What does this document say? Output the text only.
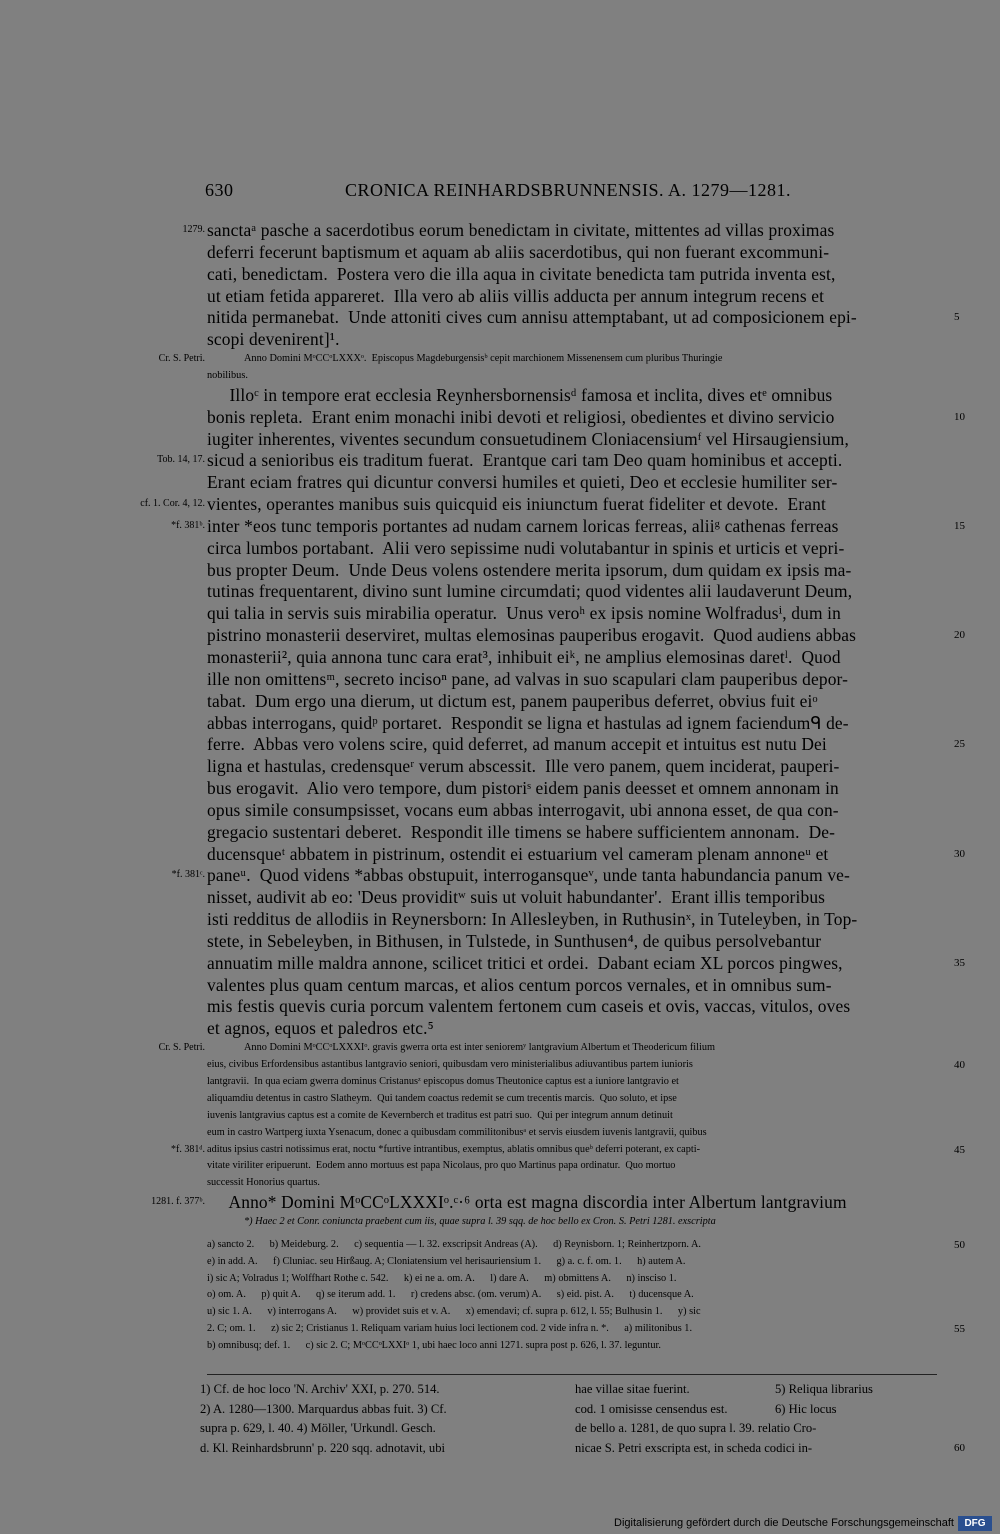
630	CRONICA REINHARDSBRUNNENSIS. A. 1279—1281.
1279. sanctaᵃ pasche a sacerdotibus eorum benedictam in civitate, mittentes ad villas proximas
deferri fecerunt baptismum et aquam ab aliis sacerdotibus, qui non fuerant excommuni-
cati, benedictam.  Postera vero die illa aqua in civitate benedicta tam putrida inventa est,
ut etiam fetida appareret.  Illa vero ab aliis villis adducta per annum integrum recens et
nitida permanebat.  Unde attoniti cives cum annisu attemptabant, ut ad composicionem epi-	5
scopi devenirent]¹.
Cr. S. Petri.	Anno Domini MᵒCCᵒLXXXᵒ.  Episcopus Magdeburgensisᵇ cepit marchionem Missenensem cum pluribus Thuringie
nobilibus.
Illoᶜ in tempore erat ecclesia Reynhersbornensisᵈ famosa et inclita, dives etᵉ omnibus
bonis repleta.  Erant enim monachi inibi devoti et religiosi, obedientes et divino servicio	10
iugiter inherentes, viventes secundum consuetudinem Cloniacensiumᶠ vel Hirsaugiensium,
Tob. 14, 17. sicud a senioribus eis traditum fuerat.  Erantque cari tam Deo quam hominibus et accepti.
Erant eciam fratres qui dicuntur conversi humiles et quieti, Deo et ecclesie humiliter ser-
cf. 1. Cor. 4, 12. vientes, operantes manibus suis quicquid eis iniunctum fuerat fideliter et devote.  Erant
*f. 381ᵇ. inter *eos tunc temporis portantes ad nudam carnem loricas ferreas, aliiᵍ cathenas ferreas	15
circa lumbos portabant.  Alii vero sepissime nudi volutabantur in spinis et urticis et vepri-
bus propter Deum.  Unde Deus volens ostendere merita ipsorum, dum quidam ex ipsis ma-
tutinas frequentarent, divino sunt lumine circumdati; quod videntes alii laudaverunt Deum,
qui talia in servis suis mirabilia operatur.  Unus veroʰ ex ipsis nomine Wolfradusⁱ, dum in
pistrino monasterii deserviret, multas elemosinas pauperibus erogavit.  Quod audiens abbas	20
monasterii², quia annona tunc cara erat³, inhibuit eiᵏ, ne amplius elemosinas daretˡ.  Quod
ille non omittensᵐ, secreto incisoⁿ pane, ad valvas in suo scapulari clam pauperibus depor-
tabat.  Dum ergo una dierum, ut dictum est, panem pauperibus deferret, obvius fuit eiᵒ
abbas interrogans, quidᵖ portaret.  Respondit se ligna et hastulas ad ignem faciendumᑫ de-
ferre.  Abbas vero volens scire, quid deferret, ad manum accepit et intuitus est nutu Dei	25
ligna et hastulas, credensqueʳ verum abscessit.  Ille vero panem, quem inciderat, pauperi-
bus erogavit.  Alio vero tempore, dum pistoriˢ eidem panis deesset et omnem annonam in
opus simile consumpsisset, vocans eum abbas interrogavit, ubi annona esset, de qua con-
gregacio sustentari deberet.  Respondit ille timens se habere sufficientem annonam.  De-
ducensqueᵗ abbatem in pistrinum, ostendit ei estuarium vel cameram plenam annoneᵘ et	30
*f. 381ᶜ. paneᵘ.  Quod videns *abbas obstupuit, interrogansqueᵛ, unde tanta habundancia panum ve-
nisset, audivit ab eo: 'Deus providitʷ suis ut voluit habundanter'.  Erant illis temporibus
isti redditus de allodiis in Reynersborn: In Allesleyben, in Ruthusinˣ, in Tuteleyben, in Top-
stete, in Sebeleyben, in Bithusen, in Tulstede, in Sunthusen⁴, de quibus persolvebantur
annuatim mille maldra annone, scilicet tritici et ordei.  Dabant eciam XL porcos pingwes,	35
valentes plus quam centum marcas, et alios centum porcos vernales, et in omnibus sum-
mis festis quevis curia porcum valentem fertonem cum caseis et ovis, vaccas, vitulos, oves
et agnos, equos et paledros etc.⁵
Cr. S. Petri.	Anno Domini MᵒCCᵒLXXXIᵒ. gravis gwerra orta est inter senioremʸ lantgravium Albertum et Theodericum filium
eius, civibus Erfordensibus astantibus lantgravio seniori, quibusdam vero ministerialibus adiuvantibus partem iunioris	40
lantgravii.  In qua eciam gwerra dominus Cristanusᶻ episcopus domus Theutonice captus est a iuniore lantgravio et
aliquamdiu detentus in castro Slatheym.  Qui tandem coactus redemit se cum trecentis marcis.  Quo soluto, et ipse
iuvenis lantgravius captus est a comite de Kevernberch et traditus est patri suo.  Qui per integrum annum detinuit
eum in castro Wartperg iuxta Ysenacum, donec a quibusdam commilitonibusᵃ et servis eiusdem iuvenis lantgravii, quibus
*f. 381ᵈ. aditus ipsius castri notissimus erat, noctu *furtive intrantibus, exemptus, ablatis omnibus queᵇ deferri poterant, ex capti-	45
vitate viriliter eripuerunt.  Eodem anno mortuus est papa Nicolaus, pro quo Martinus papa ordinatur.  Quo mortuo
successit Honorius quartus.
1281. f. 377ᵇ. Anno* Domini MᵒCCᵒLXXXIᵒ.ᶜ·⁶ orta est magna discordia inter Albertum lantgravium
*) Haec 2 et Conr. coniuncta praebent cum iis, quae supra l. 39 sqq. de hoc bello ex Cron. S. Petri 1281. exscripta
a) sancto 2.      b) Meideburg. 2.      c) sequentia — l. 32. exscripsit Andreas (A).      d) Reynisborn. 1; Reinhertzporn. A.	50
e) in add. A.      f) Cluniac. seu Hirßaug. A; Cloniatensium vel herisauriensium 1.      g) a. c. f. om. 1.      h) autem A.
i) sic A; Volradus 1; Wolffhart Rothe c. 542.      k) ei ne a. om. A.      l) dare A.      m) obmittens A.      n) insciso 1.
o) om. A.      p) quit A.      q) se iterum add. 1.      r) credens absc. (om. verum) A.      s) eid. pist. A.      t) ducensque A.
u) sic 1. A.      v) interrogans A.      w) providet suis et v. A.      x) emendavi; cf. supra p. 612, l. 55; Bulhusin 1.      y) sic
2. C; om. 1.      z) sic 2; Cristianus 1. Reliquam variam huius loci lectionem cod. 2 vide infra n. *.      a) militonibus 1.	55
b) omnibusq; def. 1.      c) sic 2. C; MᵒCCᵒLXXIᵒ 1, ubi haec loco anni 1271. supra post p. 626, l. 37. leguntur.
1) Cf. de hoc loco 'N. Archiv' XXI, p. 270. 514.	hae villae sitae fuerint.	5) Reliqua librarius
2) A. 1280—1300. Marquardus abbas fuit. 3) Cf.	cod. 1 omisisse censendus est.	6) Hic locus
supra p. 629, l. 40. 4) Möller, 'Urkundl. Gesch.	de bello a. 1281, de quo supra l. 39. relatio Cro-
d. Kl. Reinhardsbrunn' p. 220 sqq. adnotavit, ubi	nicae S. Petri exscripta est, in scheda codici in-	60
Digitalisierung gefördert durch die Deutsche Forschungsgemeinschaft	DFG
